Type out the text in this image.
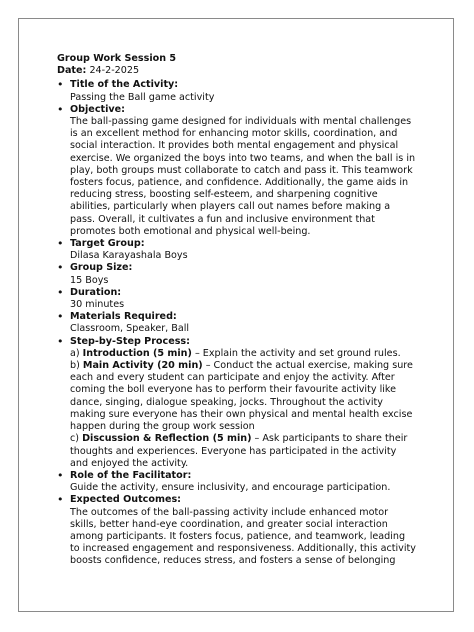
Group Work Session 5
Date: 24-2-2025
• Title of the Activity:
Passing the Ball game activity
• Objective:
The ball-passing game designed for individuals with mental challenges is an excellent method for enhancing motor skills, coordination, and social interaction. It provides both mental engagement and physical exercise. We organized the boys into two teams, and when the ball is in play, both groups must collaborate to catch and pass it. This teamwork fosters focus, patience, and confidence. Additionally, the game aids in reducing stress, boosting self-esteem, and sharpening cognitive abilities, particularly when players call out names before making a pass. Overall, it cultivates a fun and inclusive environment that promotes both emotional and physical well-being.
• Target Group:
Dilasa Karayashala Boys
• Group Size:
15 Boys
• Duration:
30 minutes
• Materials Required:
Classroom, Speaker, Ball
• Step-by-Step Process:
a) Introduction (5 min) – Explain the activity and set ground rules.
b) Main Activity (20 min) – Conduct the actual exercise, making sure each and every student can participate and enjoy the activity. After coming the boll everyone has to perform their favourite activity like dance, singing, dialogue speaking, jocks. Throughout the activity making sure everyone has their own physical and mental health excise happen during the group work session
c) Discussion & Reflection (5 min) – Ask participants to share their thoughts and experiences. Everyone has participated in the activity and enjoyed the activity.
• Role of the Facilitator:
Guide the activity, ensure inclusivity, and encourage participation.
• Expected Outcomes:
The outcomes of the ball-passing activity include enhanced motor skills, better hand-eye coordination, and greater social interaction among participants. It fosters focus, patience, and teamwork, leading to increased engagement and responsiveness. Additionally, this activity boosts confidence, reduces stress, and fosters a sense of belonging
